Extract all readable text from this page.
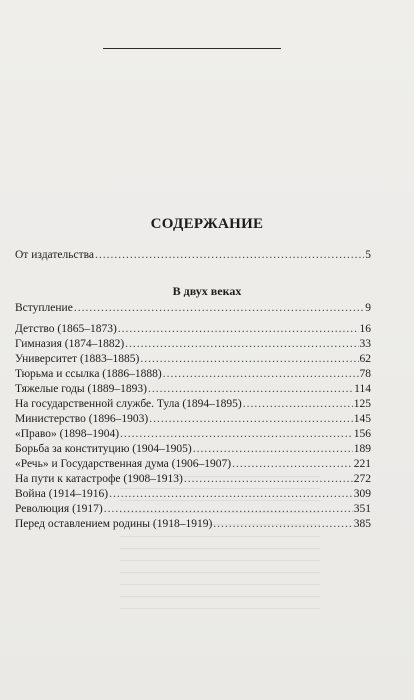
СОДЕРЖАНИЕ
От издательства .....	5
В двух веках
Вступление .....	9
Детство (1865–1873) .....	16
Гимназия (1874–1882) .....	33
Университет (1883–1885) .....	62
Тюрьма и ссылка (1886–1888) .....	78
Тяжелые годы (1889–1893) .....	114
На государственной службе. Тула (1894–1895) .....	125
Министерство (1896–1903) .....	145
«Право» (1898–1904) .....	156
Борьба за конституцию (1904–1905) .....	189
«Речь» и Государственная дума (1906–1907) .....	221
На пути к катастрофе (1908–1913) .....	272
Война (1914–1916) .....	309
Революция (1917) .....	351
Перед оставлением родины (1918–1919) .....	385
